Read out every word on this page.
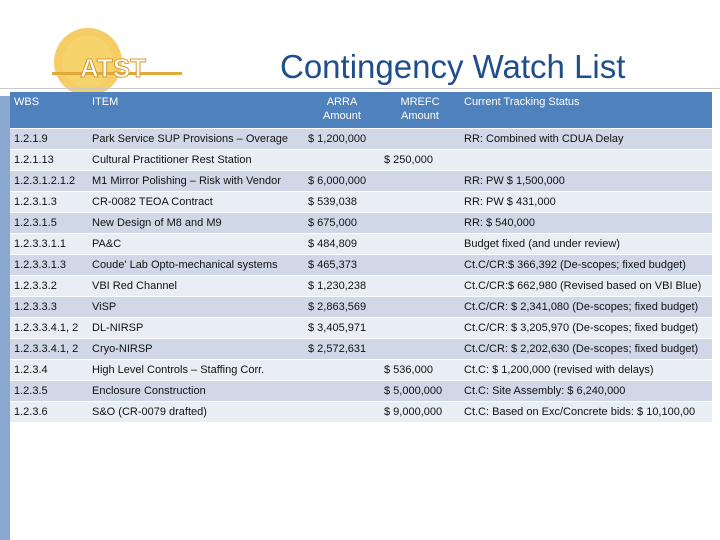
ATST	Contingency Watch List
WBS	ITEM	ARRA Amount	MREFC Amount	Current Tracking Status
1.2.1.9	Park Service SUP Provisions – Overage	$ 1,200,000		RR: Combined with CDUA Delay
1.2.1.13	Cultural Practitioner Rest Station		$ 250,000	
1.2.3.1.2.1.2	M1 Mirror Polishing – Risk with Vendor	$ 6,000,000		RR: PW $ 1,500,000
1.2.3.1.3	CR-0082 TEOA Contract	$ 539,038		RR: PW $ 431,000
1.2.3.1.5	New Design of M8 and M9	$ 675,000		RR: $ 540,000
1.2.3.3.1.1	PA&C	$ 484,809		Budget fixed (and under review)
1.2.3.3.1.3	Coude' Lab Opto-mechanical systems	$ 465,373		Ct.C/CR:$ 366,392 (De-scopes; fixed budget)
1.2.3.3.2	VBI Red Channel	$ 1,230,238		Ct.C/CR:$ 662,980 (Revised based on VBI Blue)
1.2.3.3.3	ViSP	$ 2,863,569		Ct.C/CR: $ 2,341,080 (De-scopes; fixed budget)
1.2.3.3.4.1, 2	DL-NIRSP	$ 3,405,971		Ct.C/CR: $ 3,205,970 (De-scopes; fixed budget)
1.2.3.3.4.1, 2	Cryo-NIRSP	$ 2,572,631		Ct.C/CR: $ 2,202,630 (De-scopes; fixed budget)
1.2.3.4	High Level Controls – Staffing Corr.		$ 536,000	Ct.C: $ 1,200,000 (revised with delays)
1.2.3.5	Enclosure Construction		$ 5,000,000	Ct.C: Site Assembly: $ 6,240,000
1.2.3.6	S&O (CR-0079 drafted)		$ 9,000,000	Ct.C: Based on Exc/Concrete bids: $ 10,100,00
